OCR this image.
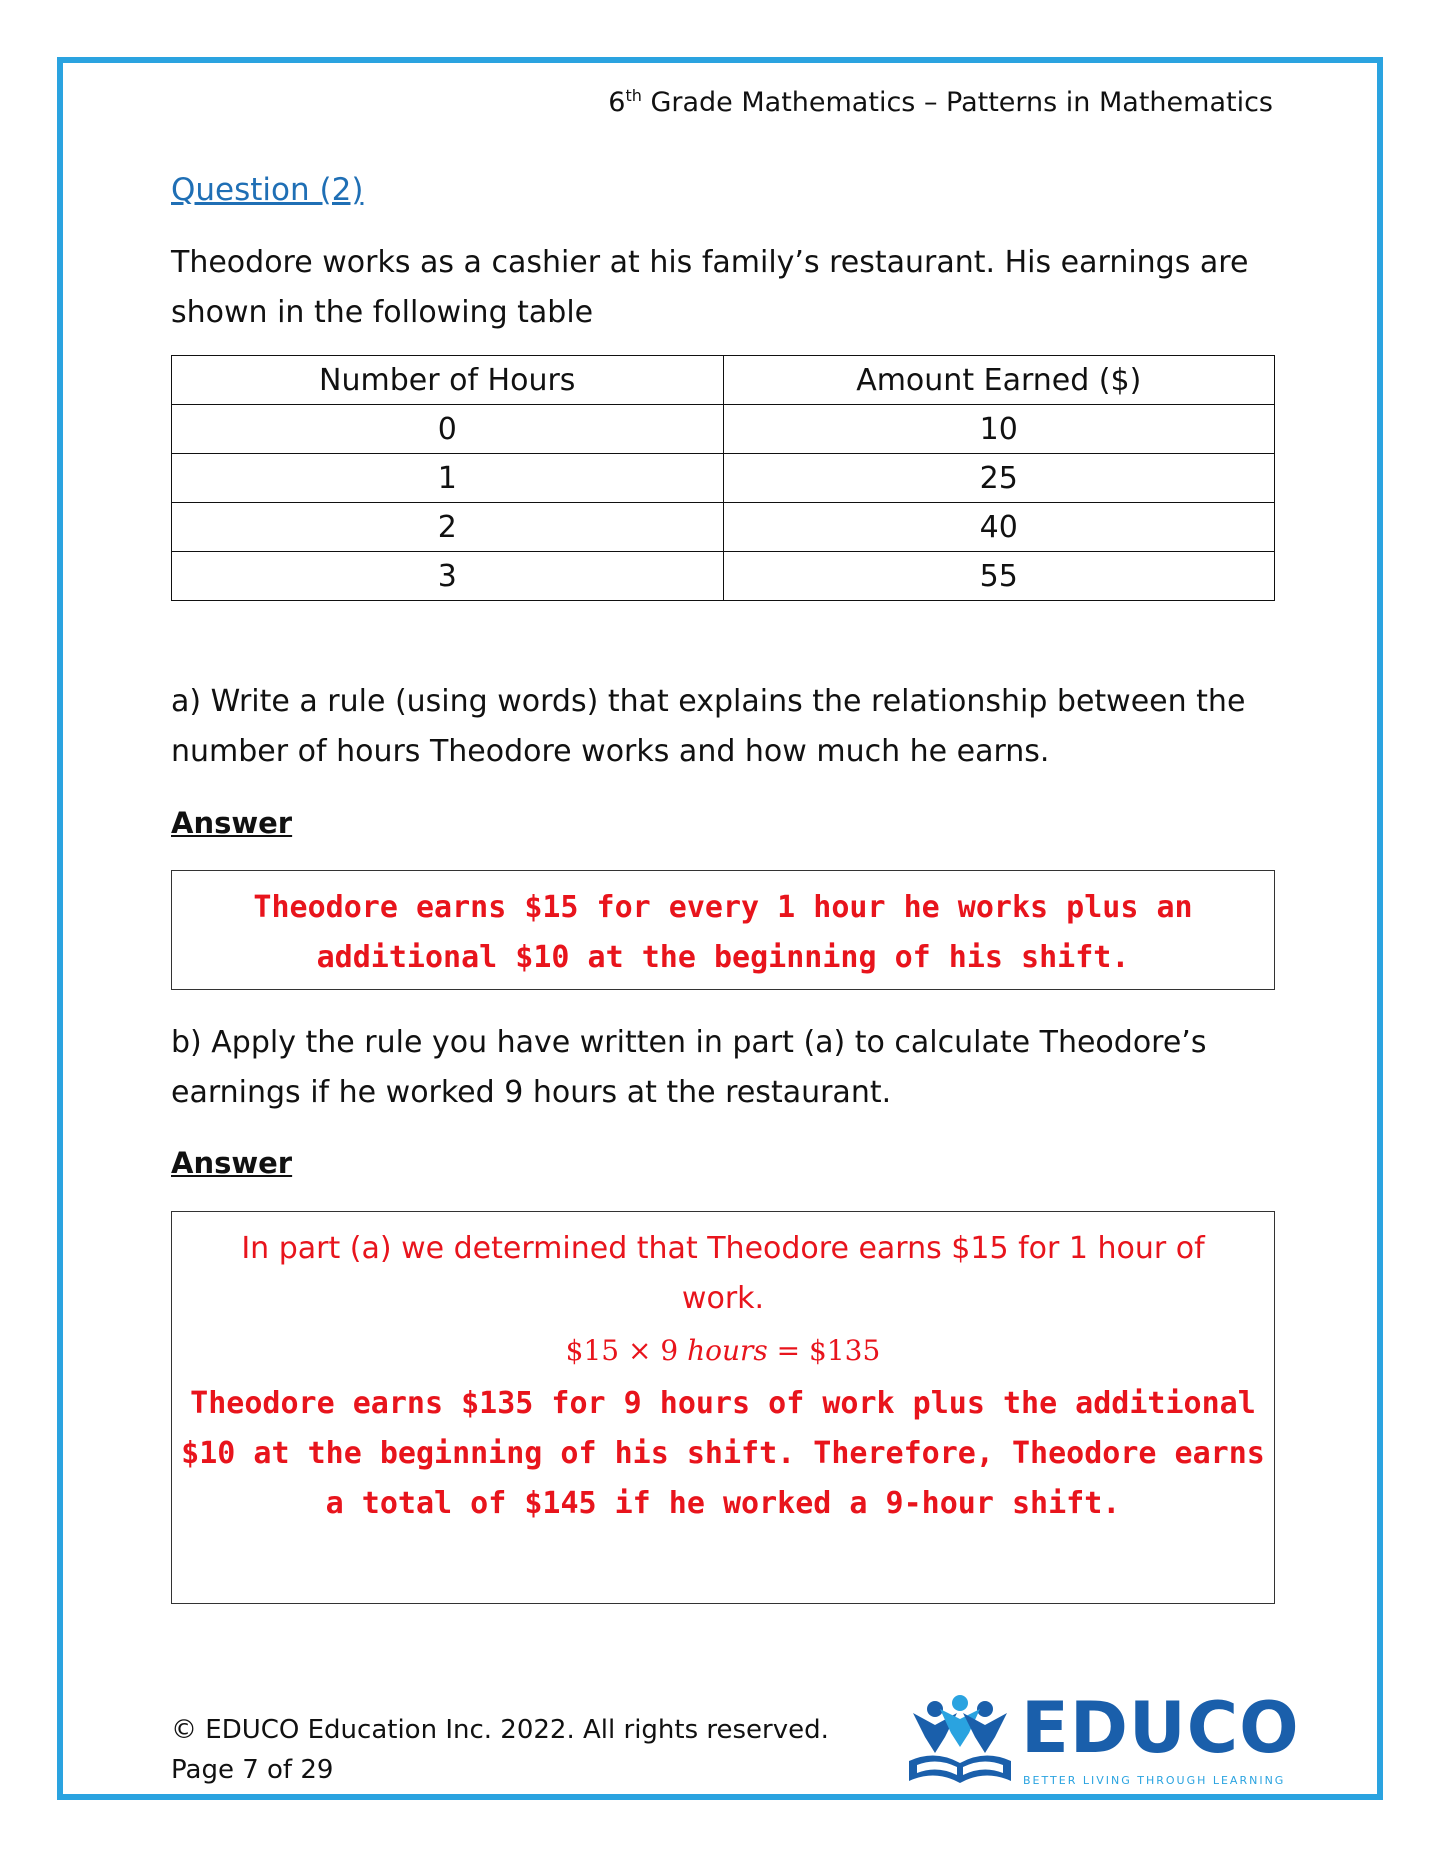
6th Grade Mathematics – Patterns in Mathematics
Question (2)
Theodore works as a cashier at his family’s restaurant. His earnings are shown in the following table
Number of Hours	Amount Earned ($)
0	10
1	25
2	40
3	55
a) Write a rule (using words) that explains the relationship between the number of hours Theodore works and how much he earns.
Answer
Theodore earns $15 for every 1 hour he works plus an additional $10 at the beginning of his shift.
b) Apply the rule you have written in part (a) to calculate Theodore’s earnings if he worked 9 hours at the restaurant.
Answer
In part (a) we determined that Theodore earns $15 for 1 hour of work.
$15 × 9 hours = $135
Theodore earns $135 for 9 hours of work plus the additional $10 at the beginning of his shift. Therefore, Theodore earns a total of $145 if he worked a 9-hour shift.
© EDUCO Education Inc. 2022. All rights reserved.
Page 7 of 29
EDUCO
BETTER LIVING THROUGH LEARNING
